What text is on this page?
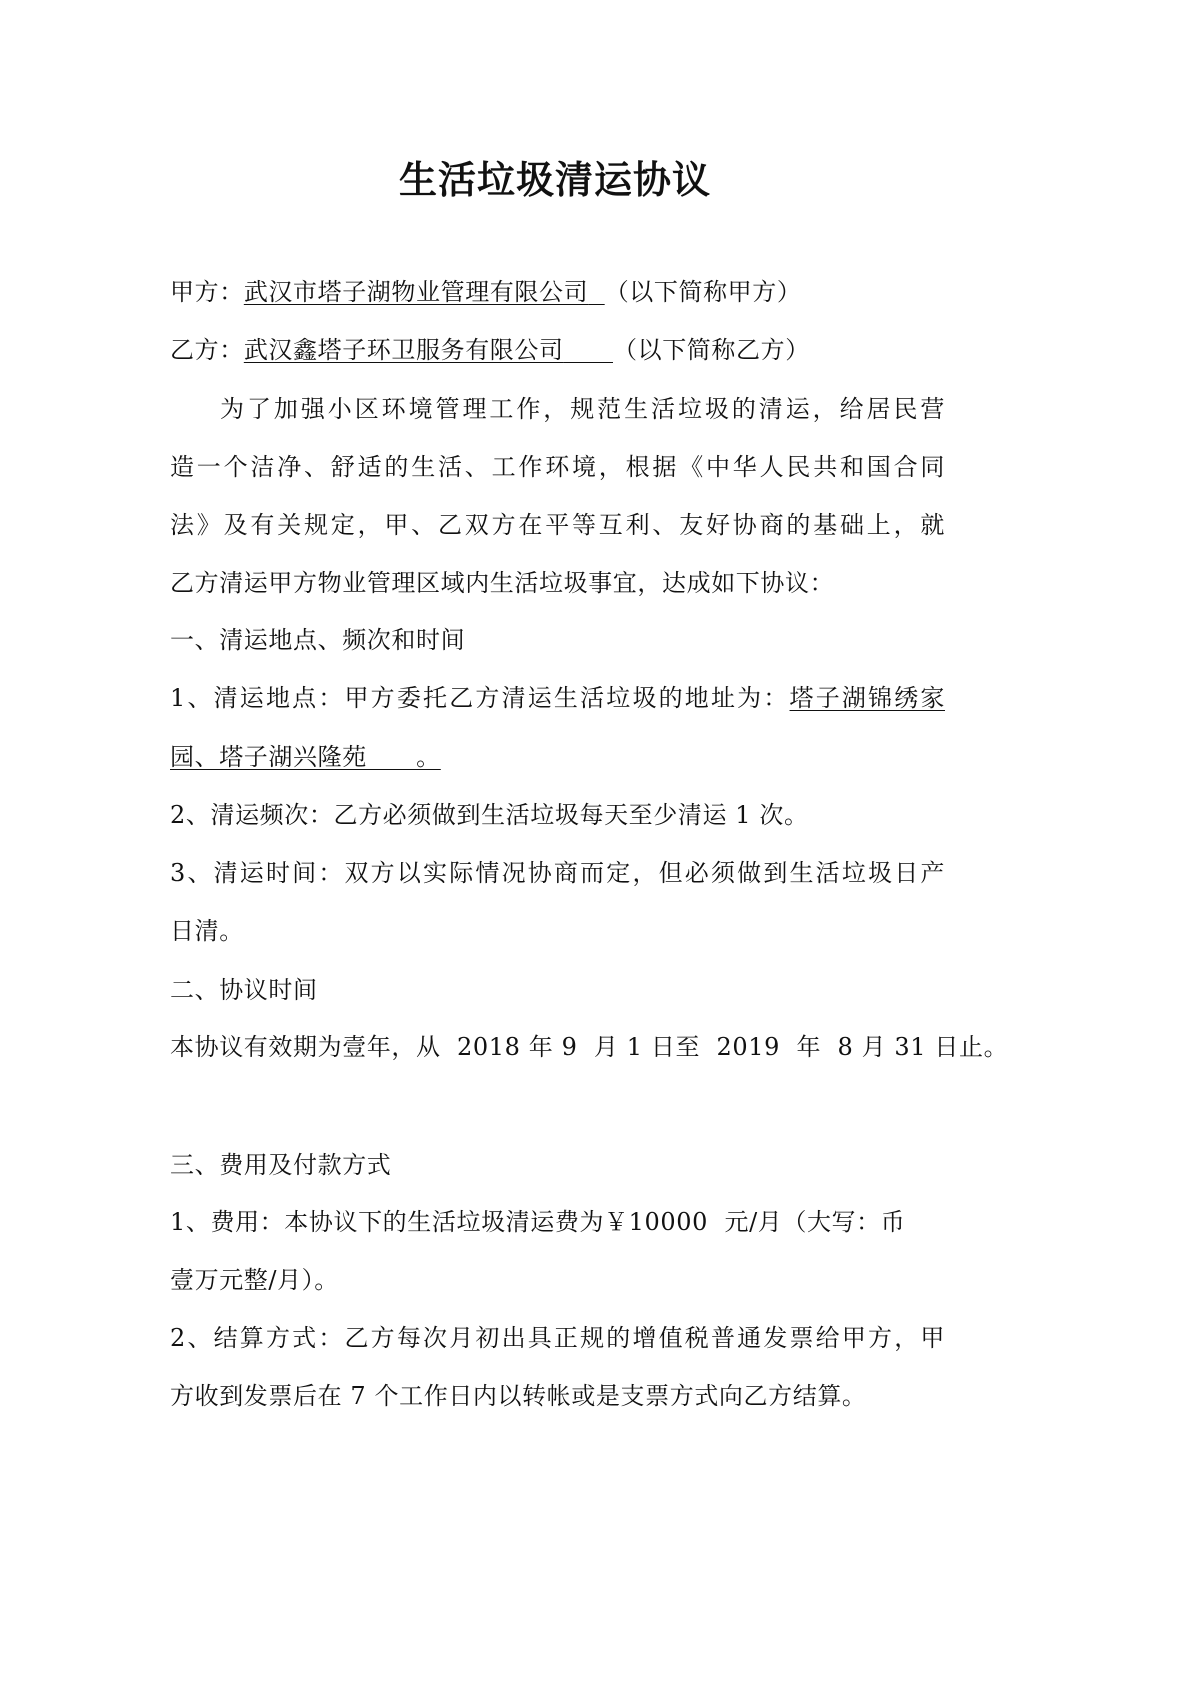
生活垃圾清运协议
甲方：武汉市塔子湖物业管理有限公司 （以下简称甲方）
乙方：武汉鑫塔子环卫服务有限公司 （以下简称乙方）
为了加强小区环境管理工作，规范生活垃圾的清运，给居民营
造一个洁净、舒适的生活、工作环境，根据《中华人民共和国合同
法》及有关规定，甲、乙双方在平等互利、友好协商的基础上，就
乙方清运甲方物业管理区域内生活垃圾事宜，达成如下协议：
一、清运地点、频次和时间
1、清运地点：甲方委托乙方清运生活垃圾的地址为：塔子湖锦绣家
园、塔子湖兴隆苑      。
2、清运频次：乙方必须做到生活垃圾每天至少清运 1 次。
3、清运时间：双方以实际情况协商而定，但必须做到生活垃圾日产
日清。
二、协议时间
本协议有效期为壹年，从  2018 年 9  月 1 日至  2019  年  8 月 31 日止。
三、费用及付款方式
1、费用：本协议下的生活垃圾清运费为￥10000  元/月（大写：币
壹万元整/月）。
2、结算方式：乙方每次月初出具正规的增值税普通发票给甲方，甲
方收到发票后在 7 个工作日内以转帐或是支票方式向乙方结算。
